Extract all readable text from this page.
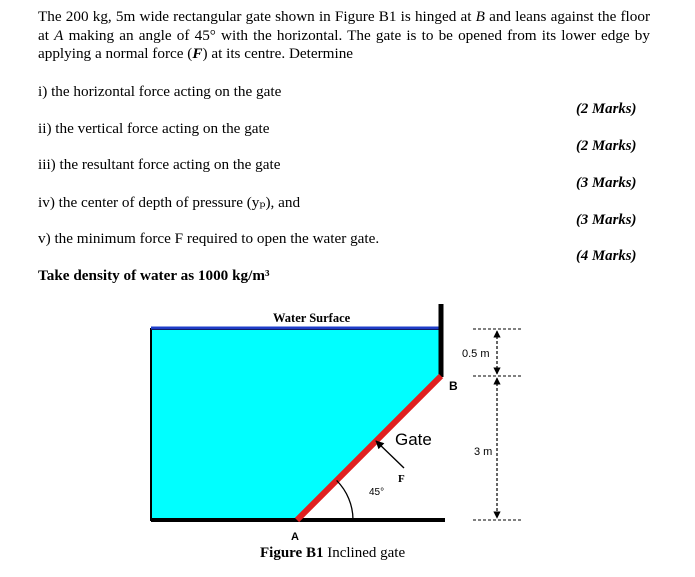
The 200 kg, 5m wide rectangular gate shown in Figure B1 is hinged at B and leans against the floor at A making an angle of 45° with the horizontal. The gate is to be opened from its lower edge by applying a normal force (F) at its centre. Determine
i) the horizontal force acting on the gate
(2 Marks)
ii) the vertical force acting on the gate
(2 Marks)
iii) the resultant force acting on the gate
(3 Marks)
iv) the center of depth of pressure (yₚ), and
(3 Marks)
v) the minimum force F required to open the water gate.
(4 Marks)
Take density of water as 1000 kg/m³
Water Surface
0.5 m
3 m
B
A
Gate
F
45°
Figure B1 Inclined gate
